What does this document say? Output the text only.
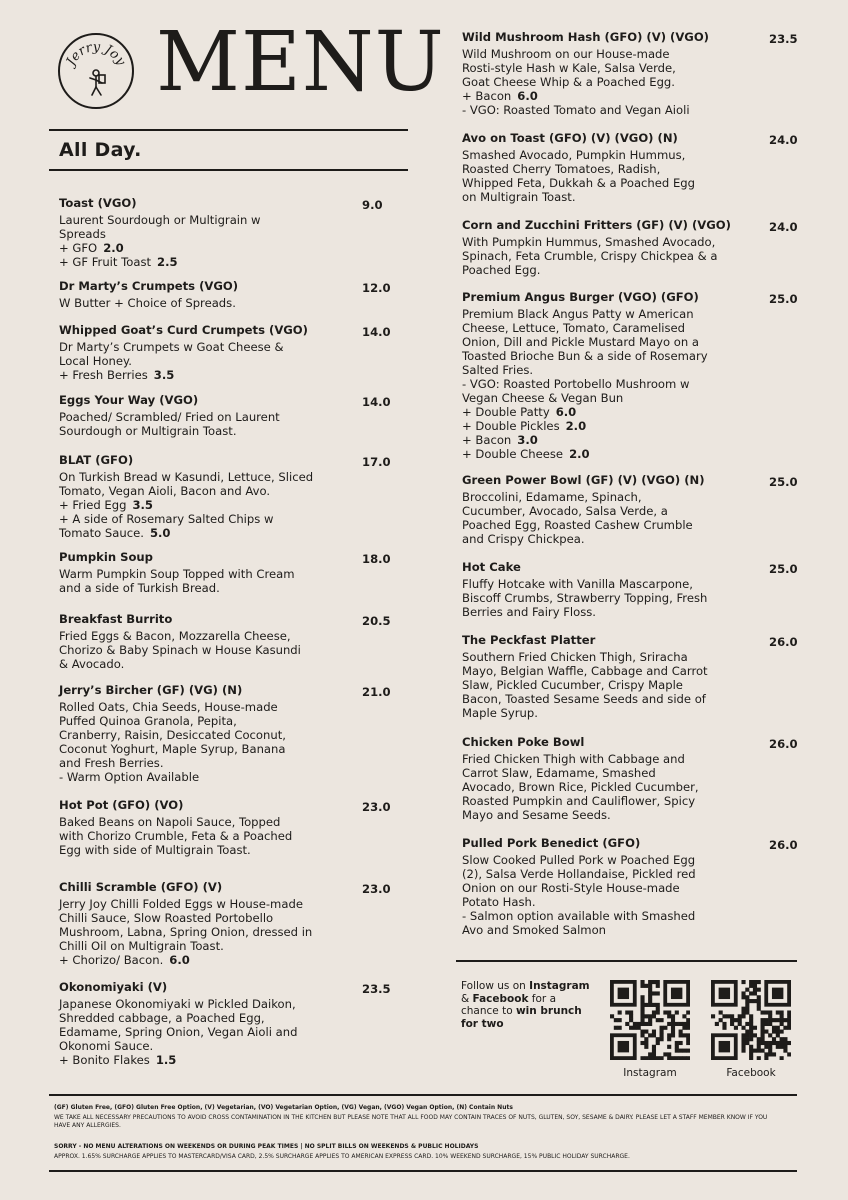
Jerry Joy MENU
All Day.
Toast (VGO)
Laurent Sourdough or Multigrain w
Spreads
+ GFO 2.0
+ GF Fruit Toast 2.5
9.0
Dr Marty’s Crumpets (VGO)
W Butter + Choice of Spreads.
12.0
Whipped Goat’s Curd Crumpets (VGO)
Dr Marty’s Crumpets w Goat Cheese &
Local Honey.
+ Fresh Berries 3.5
14.0
Eggs Your Way (VGO)
Poached/ Scrambled/ Fried on Laurent
Sourdough or Multigrain Toast.
14.0
BLAT (GFO)
On Turkish Bread w Kasundi, Lettuce, Sliced
Tomato, Vegan Aioli, Bacon and Avo.
+ Fried Egg 3.5
+ A side of Rosemary Salted Chips w
Tomato Sauce. 5.0
17.0
Pumpkin Soup
Warm Pumpkin Soup Topped with Cream
and a side of Turkish Bread.
18.0
Breakfast Burrito
Fried Eggs & Bacon, Mozzarella Cheese,
Chorizo & Baby Spinach w House Kasundi
& Avocado.
20.5
Jerry’s Bircher (GF) (VG) (N)
Rolled Oats, Chia Seeds, House-made
Puffed Quinoa Granola, Pepita,
Cranberry, Raisin, Desiccated Coconut,
Coconut Yoghurt, Maple Syrup, Banana
and Fresh Berries.
- Warm Option Available
21.0
Hot Pot (GFO) (VO)
Baked Beans on Napoli Sauce, Topped
with Chorizo Crumble, Feta & a Poached
Egg with side of Multigrain Toast.
23.0
Chilli Scramble (GFO) (V)
Jerry Joy Chilli Folded Eggs w House-made
Chilli Sauce, Slow Roasted Portobello
Mushroom, Labna, Spring Onion, dressed in
Chilli Oil on Multigrain Toast.
+ Chorizo/ Bacon. 6.0
23.0
Okonomiyaki (V)
Japanese Okonomiyaki w Pickled Daikon,
Shredded cabbage, a Poached Egg,
Edamame, Spring Onion, Vegan Aioli and
Okonomi Sauce.
+ Bonito Flakes 1.5
23.5
Wild Mushroom Hash (GFO) (V) (VGO)
Wild Mushroom on our House-made
Rosti-style Hash w Kale, Salsa Verde,
Goat Cheese Whip & a Poached Egg.
+ Bacon 6.0
- VGO: Roasted Tomato and Vegan Aioli
23.5
Avo on Toast (GFO) (V) (VGO) (N)
Smashed Avocado, Pumpkin Hummus,
Roasted Cherry Tomatoes, Radish,
Whipped Feta, Dukkah & a Poached Egg
on Multigrain Toast.
24.0
Corn and Zucchini Fritters (GF) (V) (VGO)
With Pumpkin Hummus, Smashed Avocado,
Spinach, Feta Crumble, Crispy Chickpea & a
Poached Egg.
24.0
Premium Angus Burger (VGO) (GFO)
Premium Black Angus Patty w American
Cheese, Lettuce, Tomato, Caramelised
Onion, Dill and Pickle Mustard Mayo on a
Toasted Brioche Bun & a side of Rosemary
Salted Fries.
- VGO: Roasted Portobello Mushroom w
Vegan Cheese & Vegan Bun
+ Double Patty 6.0
+ Double Pickles 2.0
+ Bacon 3.0
+ Double Cheese 2.0
25.0
Green Power Bowl (GF) (V) (VGO) (N)
Broccolini, Edamame, Spinach,
Cucumber, Avocado, Salsa Verde, a
Poached Egg, Roasted Cashew Crumble
and Crispy Chickpea.
25.0
Hot Cake
Fluffy Hotcake with Vanilla Mascarpone,
Biscoff Crumbs, Strawberry Topping, Fresh
Berries and Fairy Floss.
25.0
The Peckfast Platter
Southern Fried Chicken Thigh, Sriracha
Mayo, Belgian Waffle, Cabbage and Carrot
Slaw, Pickled Cucumber, Crispy Maple
Bacon, Toasted Sesame Seeds and side of
Maple Syrup.
26.0
Chicken Poke Bowl
Fried Chicken Thigh with Cabbage and
Carrot Slaw, Edamame, Smashed
Avocado, Brown Rice, Pickled Cucumber,
Roasted Pumpkin and Cauliflower, Spicy
Mayo and Sesame Seeds.
26.0
Pulled Pork Benedict (GFO)
Slow Cooked Pulled Pork w Poached Egg
(2), Salsa Verde Hollandaise, Pickled red
Onion on our Rosti-Style House-made
Potato Hash.
- Salmon option available with Smashed
Avo and Smoked Salmon
26.0
Follow us on Instagram
& Facebook for a
chance to win brunch
for two
Instagram	Facebook
(GF) Gluten Free, (GFO) Gluten Free Option, (V) Vegetarian, (VO) Vegetarian Option, (VG) Vegan, (VGO) Vegan Option, (N) Contain Nuts
WE TAKE ALL NECESSARY PRECAUTIONS TO AVOID CROSS CONTAMINATION IN THE KITCHEN BUT PLEASE NOTE THAT ALL FOOD MAY CONTAIN TRACES OF NUTS, GLUTEN, SOY, SESAME & DAIRY. PLEASE LET A STAFF MEMBER KNOW IF YOU
HAVE ANY ALLERGIES.
SORRY - NO MENU ALTERATIONS ON WEEKENDS OR DURING PEAK TIMES | NO SPLIT BILLS ON WEEKENDS & PUBLIC HOLIDAYS
APPROX. 1.65% SURCHARGE APPLIES TO MASTERCARD/VISA CARD, 2.5% SURCHARGE APPLIES TO AMERICAN EXPRESS CARD. 10% WEEKEND SURCHARGE, 15% PUBLIC HOLIDAY SURCHARGE.
